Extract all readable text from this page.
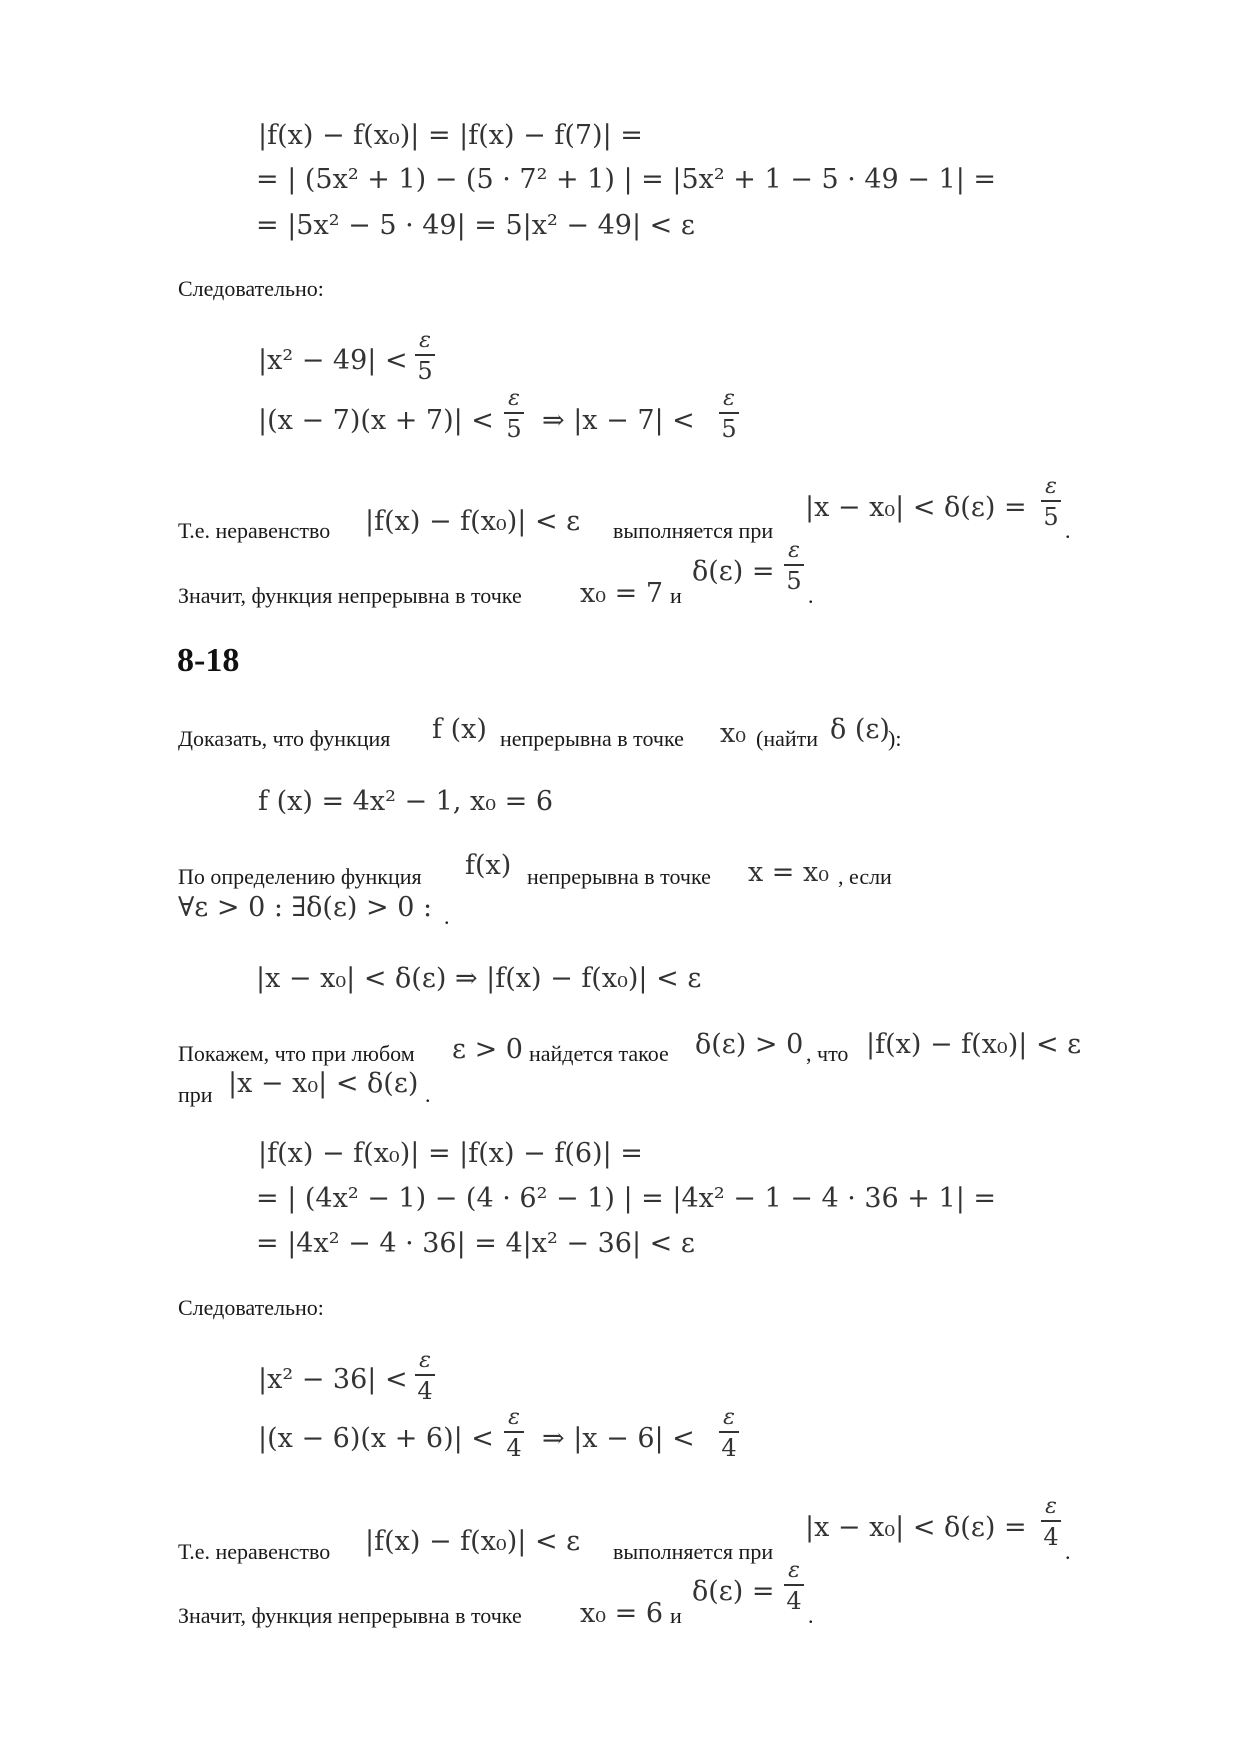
|f(x) − f(x₀)| = |f(x) − f(7)| =
= | (5x² + 1) − (5 · 7² + 1) | = |5x² + 1 − 5 · 49 − 1| =
= |5x² − 5 · 49| = 5|x² − 49| < ε
Следовательно:
|x² − 49| <
ε
5
|(x − 7)(x + 7)| <
ε
5 ⇒ |x − 7| <
ε
5
Т.е. неравенство |f(x) − f(x₀)| < ε выполняется при
|x − x₀| < δ(ε) =
ε
5 .
Значит, функция непрерывна в точке x₀ = 7 и
δ(ε) =
ε
5
.
8-18
Доказать, что функция f (x) непрерывна в точке x₀ (найти δ (ε)
):
f (x) = 4x² − 1, x₀ = 6
По определению функция f(x) непрерывна в точке x = x₀ , если
∀ε > 0 : ∃δ(ε) > 0 : .
|x − x₀| < δ(ε) ⇒ |f(x) − f(x₀)| < ε
Покажем, что при любом ε > 0 найдется такое δ(ε) > 0 , что |f(x) − f(x₀)| < ε
при |x − x₀| < δ(ε) .
|f(x) − f(x₀)| = |f(x) − f(6)| =
= | (4x² − 1) − (4 · 6² − 1) | = |4x² − 1 − 4 · 36 + 1| =
= |4x² − 4 · 36| = 4|x² − 36| < ε
Следовательно:
|x² − 36| <
ε
4
|(x − 6)(x + 6)| <
ε
4 ⇒ |x − 6| <
ε
4
Т.е. неравенство |f(x) − f(x₀)| < ε выполняется при
|x − x₀| < δ(ε) =
ε
4
.
Значит, функция непрерывна в точке x₀ = 6 и
δ(ε) =
ε
4
.
